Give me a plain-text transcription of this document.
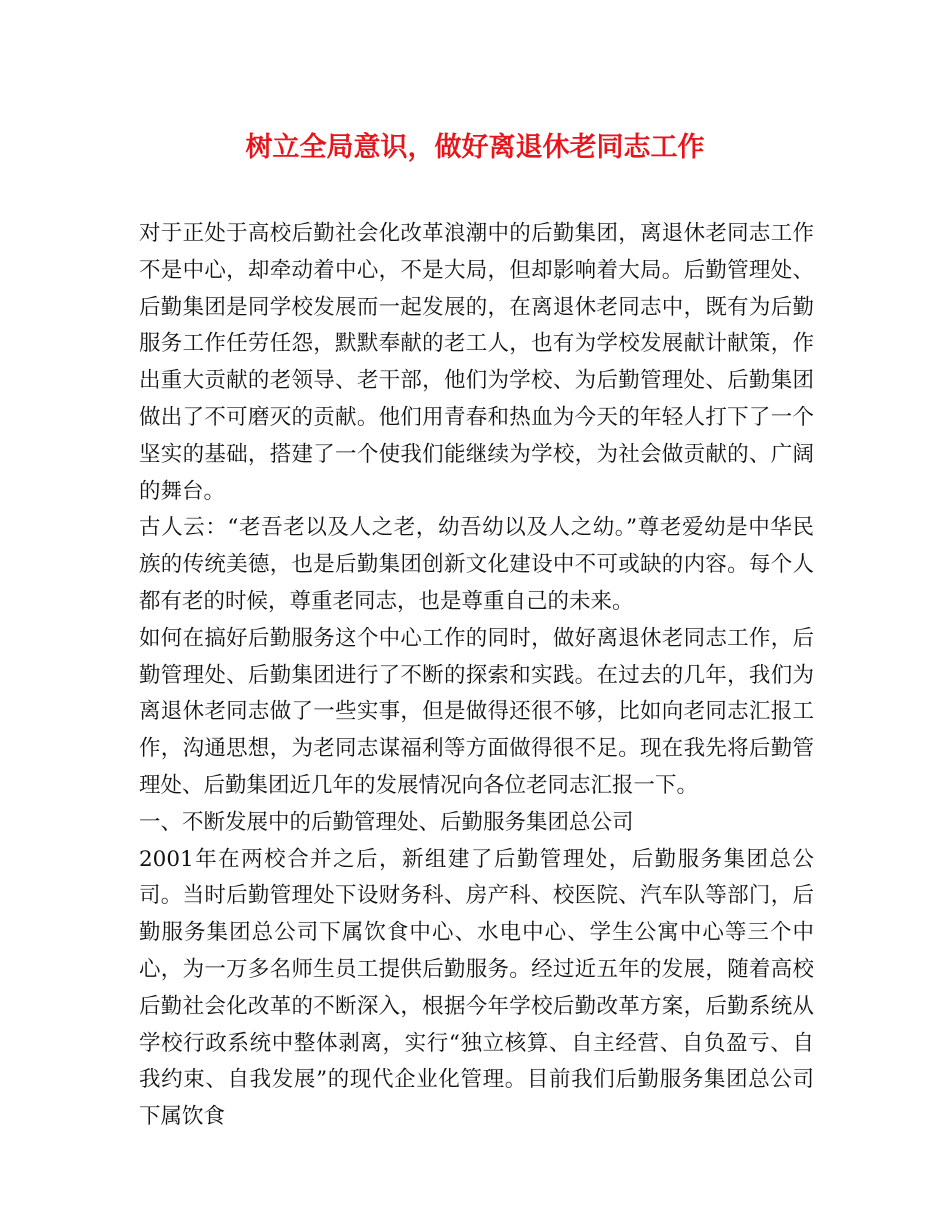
树立全局意识，做好离退休老同志工作

对于正处于高校后勤社会化改革浪潮中的后勤集团，离退休老同志工作不是中心，却牵动着中心，不是大局，但却影响着大局。后勤管理处、后勤集团是同学校发展而一起发展的，在离退休老同志中，既有为后勤服务工作任劳任怨，默默奉献的老工人，也有为学校发展献计献策，作出重大贡献的老领导、老干部，他们为学校、为后勤管理处、后勤集团做出了不可磨灭的贡献。他们用青春和热血为今天的年轻人打下了一个坚实的基础，搭建了一个使我们能继续为学校，为社会做贡献的、广阔的舞台。

古人云：“老吾老以及人之老，幼吾幼以及人之幼。”尊老爱幼是中华民族的传统美德，也是后勤集团创新文化建设中不可或缺的内容。每个人都有老的时候，尊重老同志，也是尊重自己的未来。

如何在搞好后勤服务这个中心工作的同时，做好离退休老同志工作，后勤管理处、后勤集团进行了不断的探索和实践。在过去的几年，我们为离退休老同志做了一些实事，但是做得还很不够，比如向老同志汇报工作，沟通思想，为老同志谋福利等方面做得很不足。现在我先将后勤管理处、后勤集团近几年的发展情况向各位老同志汇报一下。

一、不断发展中的后勤管理处、后勤服务集团总公司

2001年在两校合并之后，新组建了后勤管理处，后勤服务集团总公司。当时后勤管理处下设财务科、房产科、校医院、汽车队等部门，后勤服务集团总公司下属饮食中心、水电中心、学生公寓中心等三个中心，为一万多名师生员工提供后勤服务。经过近五年的发展，随着高校后勤社会化改革的不断深入，根据今年学校后勤改革方案，后勤系统从学校行政系统中整体剥离，实行“独立核算、自主经营、自负盈亏、自我约束、自我发展”的现代企业化管理。目前我们后勤服务集团总公司下属饮食
